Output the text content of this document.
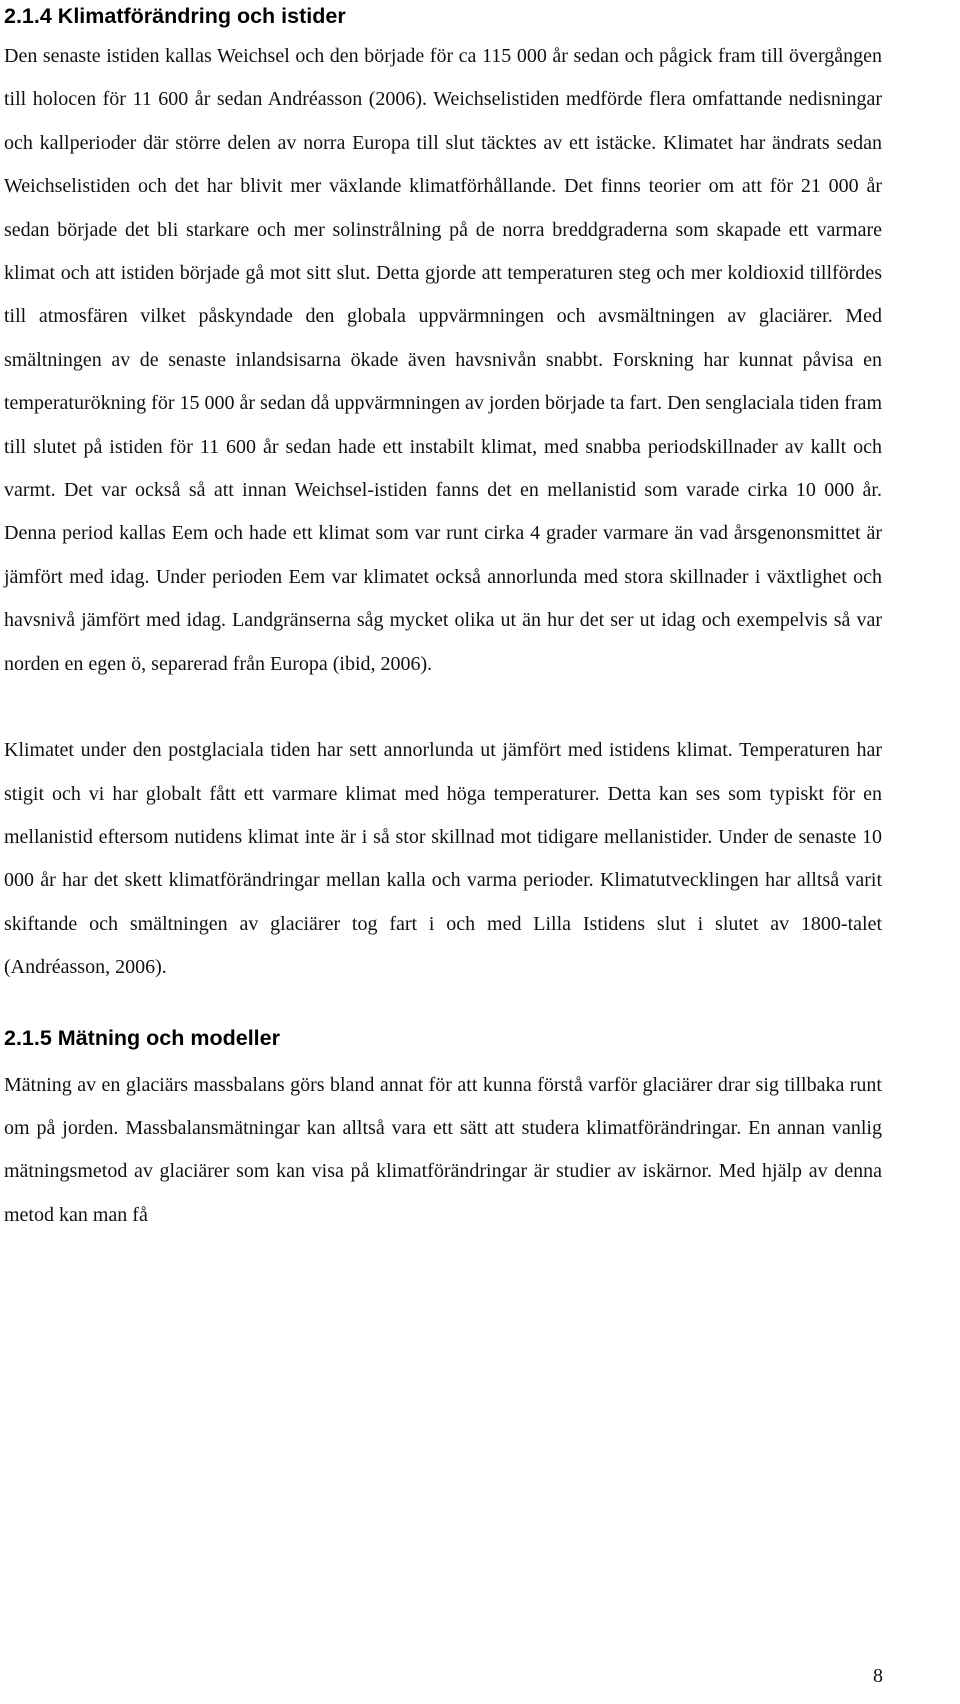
2.1.4 Klimatförändring och istider

Den senaste istiden kallas Weichsel och den började för ca 115 000 år sedan och pågick fram till övergången till holocen för 11 600 år sedan Andréasson (2006). Weichselistiden medförde flera omfattande nedisningar och kallperioder där större delen av norra Europa till slut täcktes av ett istäcke. Klimatet har ändrats sedan Weichselistiden och det har blivit mer växlande klimatförhållande. Det finns teorier om att för 21 000 år sedan började det bli starkare och mer solinstrålning på de norra breddgraderna som skapade ett varmare klimat och att istiden började gå mot sitt slut. Detta gjorde att temperaturen steg och mer koldioxid tillfördes till atmosfären vilket påskyndade den globala uppvärmningen och avsmältningen av glaciärer. Med smältningen av de senaste inlandsisarna ökade även havsnivån snabbt. Forskning har kunnat påvisa en temperaturökning för 15 000 år sedan då uppvärmningen av jorden började ta fart. Den senglaciala tiden fram till slutet på istiden för 11 600 år sedan hade ett instabilt klimat, med snabba periodskillnader av kallt och varmt. Det var också så att innan Weichsel-istiden fanns det en mellanistid som varade cirka 10 000 år. Denna period kallas Eem och hade ett klimat som var runt cirka 4 grader varmare än vad årsgenonsmittet är jämfört med idag. Under perioden Eem var klimatet också annorlunda med stora skillnader i växtlighet och havsnivå jämfört med idag. Landgränserna såg mycket olika ut än hur det ser ut idag och exempelvis så var norden en egen ö, separerad från Europa (ibid, 2006).

Klimatet under den postglaciala tiden har sett annorlunda ut jämfört med istidens klimat. Temperaturen har stigit och vi har globalt fått ett varmare klimat med höga temperaturer. Detta kan ses som typiskt för en mellanistid eftersom nutidens klimat inte är i så stor skillnad mot tidigare mellanistider. Under de senaste 10 000 år har det skett klimatförändringar mellan kalla och varma perioder. Klimatutvecklingen har alltså varit skiftande och smältningen av glaciärer tog fart i och med Lilla Istidens slut i slutet av 1800-talet (Andréasson, 2006).

2.1.5 Mätning och modeller

Mätning av en glaciärs massbalans görs bland annat för att kunna förstå varför glaciärer drar sig tillbaka runt om på jorden. Massbalansmätningar kan alltså vara ett sätt att studera klimatförändringar. En annan vanlig mätningsmetod av glaciärer som kan visa på klimatförändringar är studier av iskärnor. Med hjälp av denna metod kan man få

8
